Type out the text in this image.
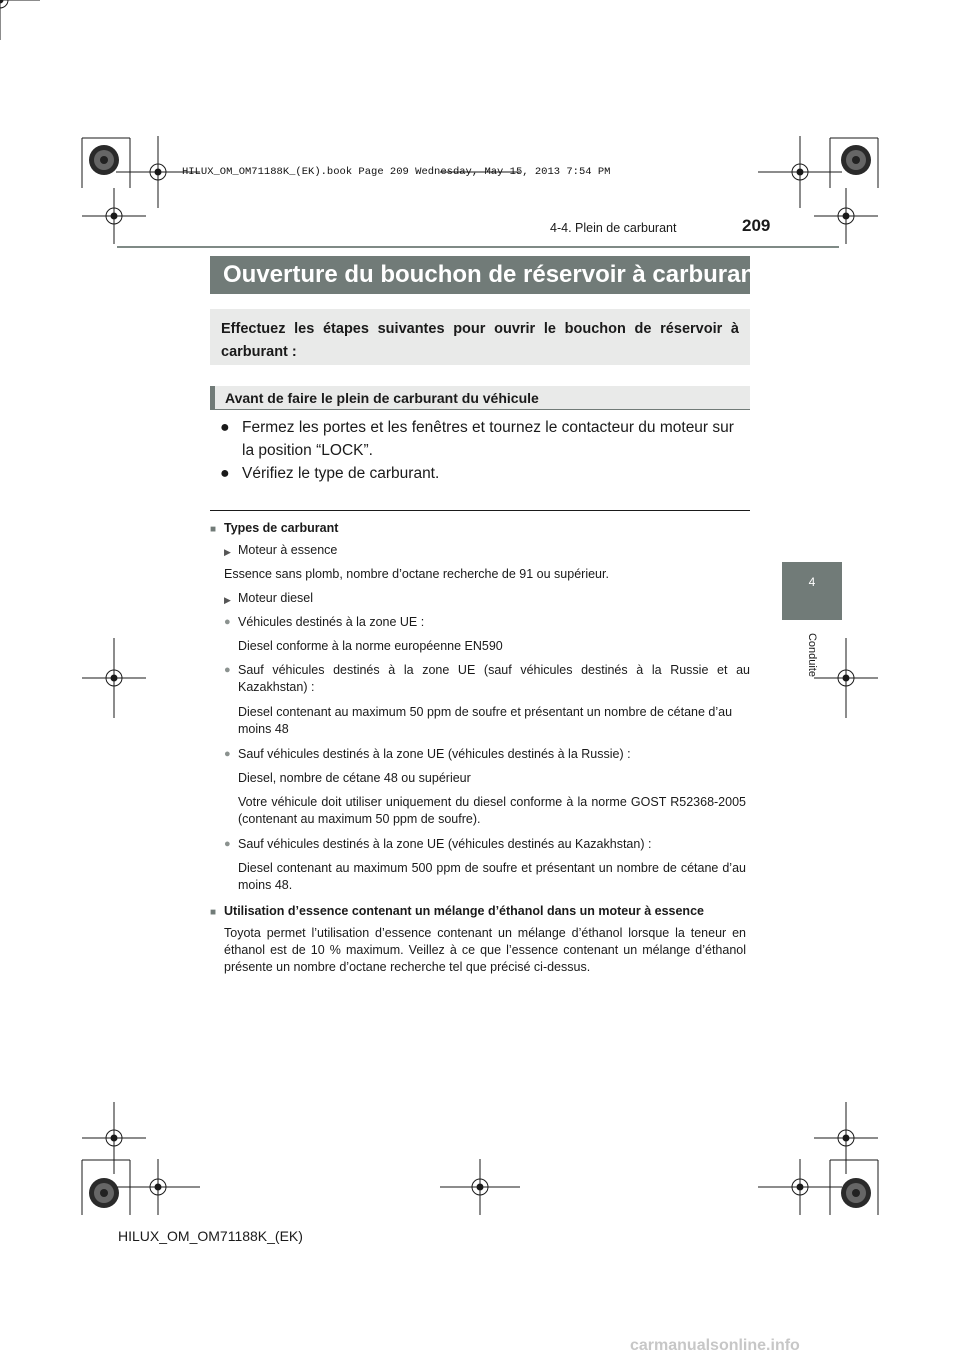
HILUX_OM_OM71188K_(EK).book Page 209 Wednesday, May 15, 2013 7:54 PM
4-4. Plein de carburant	209
4
Conduite
Ouverture du bouchon de réservoir à carburant
Effectuez les étapes suivantes pour ouvrir le bouchon de réservoir à carburant :
Avant de faire le plein de carburant du véhicule
● Fermez les portes et les fenêtres et tournez le contacteur du moteur sur la position “LOCK”.
● Vérifiez le type de carburant.
■ Types de carburant
▶ Moteur à essence
Essence sans plomb, nombre d’octane recherche de 91 ou supérieur.
▶ Moteur diesel
● Véhicules destinés à la zone UE :
Diesel conforme à la norme européenne EN590
● Sauf véhicules destinés à la zone UE (sauf véhicules destinés à la Russie et au Kazakhstan) :
Diesel contenant au maximum 50 ppm de soufre et présentant un nombre de cétane d’au moins 48
● Sauf véhicules destinés à la zone UE (véhicules destinés à la Russie) :
Diesel, nombre de cétane 48 ou supérieur
Votre véhicule doit utiliser uniquement du diesel conforme à la norme GOST R52368-2005 (contenant au maximum 50 ppm de soufre).
● Sauf véhicules destinés à la zone UE (véhicules destinés au Kazakhstan) :
Diesel contenant au maximum 500 ppm de soufre et présentant un nombre de cétane d’au moins 48.
■ Utilisation d’essence contenant un mélange d’éthanol dans un moteur à essence
Toyota permet l’utilisation d’essence contenant un mélange d’éthanol lorsque la teneur en éthanol est de 10 % maximum. Veillez à ce que l’essence contenant un mélange d’éthanol présente un nombre d’octane recherche tel que précisé ci-dessus.
HILUX_OM_OM71188K_(EK)
carmanualsonline.info
